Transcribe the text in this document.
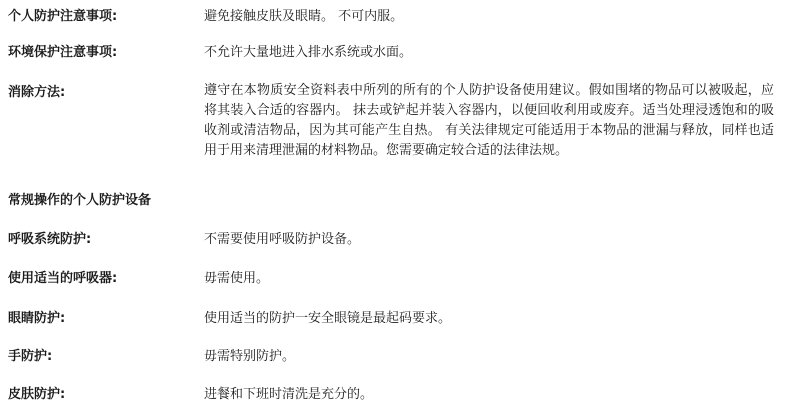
个人防护注意事项:	避免接触皮肤及眼睛。 不可内服。
环境保护注意事项:	不允许大量地进入排水系统或水面。
消除方法:	遵守在本物质安全资料表中所列的所有的个人防护设备使用建议。假如围堵的物品可以被吸起，应将其装入合适的容器内。 抹去或铲起并装入容器内，以便回收利用或废弃。适当处理浸透饱和的吸收剂或清洁物品，因为其可能产生自热。 有关法律规定可能适用于本物品的泄漏与释放，同样也适用于用来清理泄漏的材料物品。您需要确定较合适的法律法规。
常规操作的个人防护设备
呼吸系统防护:	不需要使用呼吸防护设备。
使用适当的呼吸器:	毋需使用。
眼睛防护:	使用适当的防护一安全眼镜是最起码要求。
手防护:	毋需特别防护。
皮肤防护:	进餐和下班时清洗是充分的。
